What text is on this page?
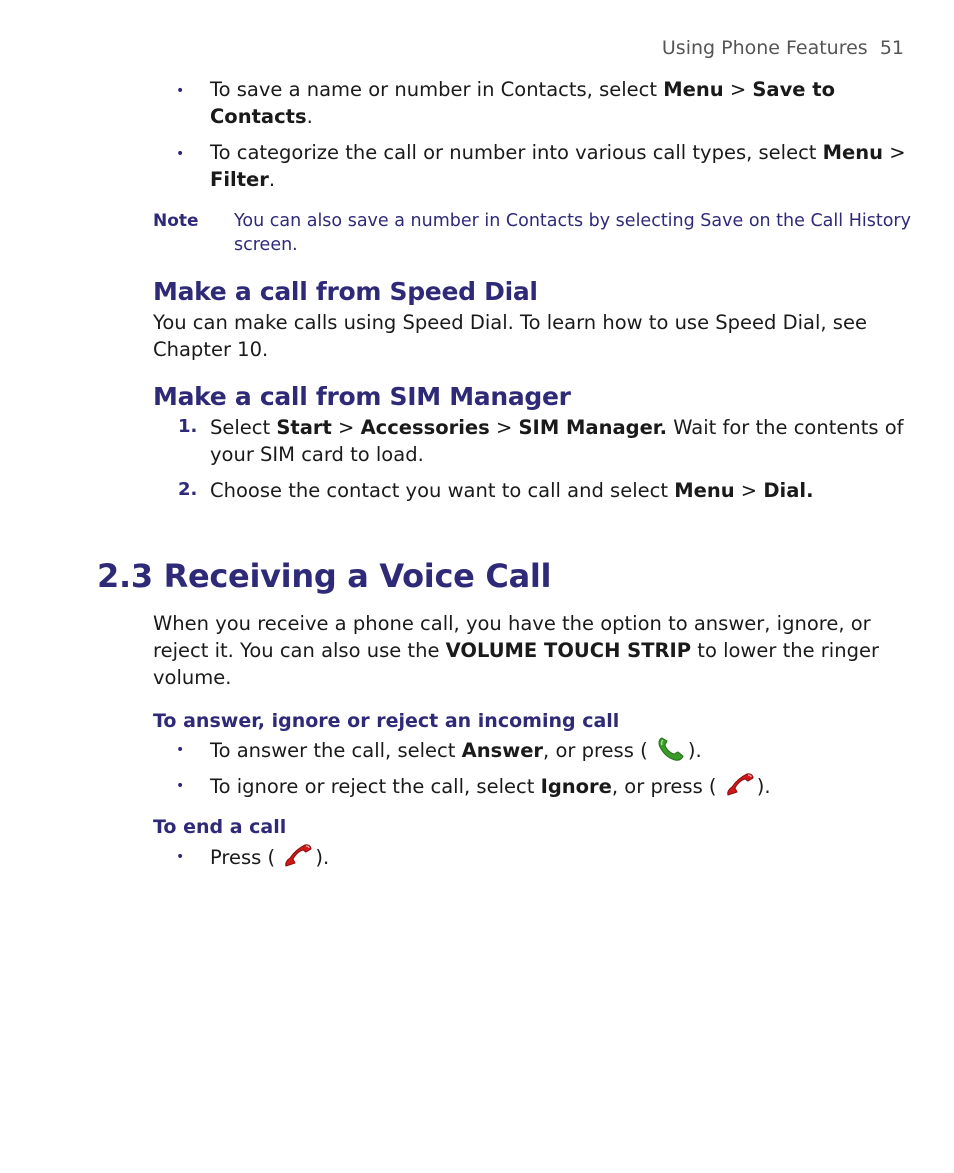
Using Phone Features 51
• To save a name or number in Contacts, select Menu > Save to
Contacts.
• To categorize the call or number into various call types, select Menu >
Filter.
Note You can also save a number in Contacts by selecting Save on the Call History
screen.
Make a call from Speed Dial
You can make calls using Speed Dial. To learn how to use Speed Dial, see
Chapter 10.
Make a call from SIM Manager
1. Select Start > Accessories > SIM Manager. Wait for the contents of
your SIM card to load.
2. Choose the contact you want to call and select Menu > Dial.
2.3 Receiving a Voice Call
When you receive a phone call, you have the option to answer, ignore, or
reject it. You can also use the VOLUME TOUCH STRIP to lower the ringer
volume.
To answer, ignore or reject an incoming call
• To answer the call, select Answer, or press ( ).
• To ignore or reject the call, select Ignore, or press ( ).
To end a call
• Press ( ).
